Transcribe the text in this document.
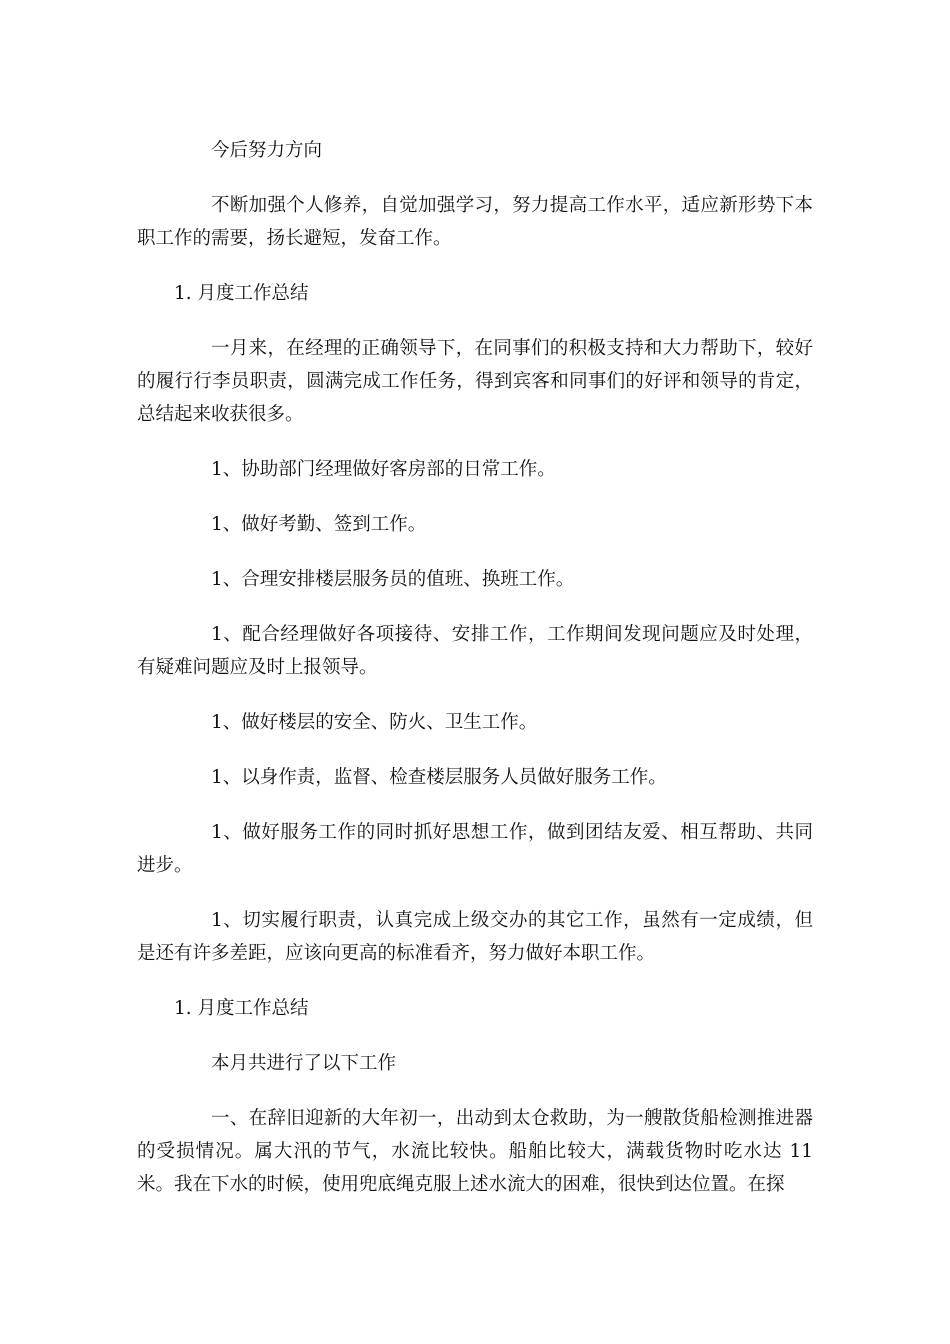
今后努力方向

不断加强个人修养，自觉加强学习，努力提高工作水平，适应新形势下本职工作的需要，扬长避短，发奋工作。

1. 月度工作总结

一月来，在经理的正确领导下，在同事们的积极支持和大力帮助下，较好的履行行李员职责，圆满完成工作任务，得到宾客和同事们的好评和领导的肯定，总结起来收获很多。

1、协助部门经理做好客房部的日常工作。

1、做好考勤、签到工作。

1、合理安排楼层服务员的值班、换班工作。

1、配合经理做好各项接待、安排工作，工作期间发现问题应及时处理，有疑难问题应及时上报领导。

1、做好楼层的安全、防火、卫生工作。

1、以身作责，监督、检查楼层服务人员做好服务工作。

1、做好服务工作的同时抓好思想工作，做到团结友爱、相互帮助、共同进步。

1、切实履行职责，认真完成上级交办的其它工作，虽然有一定成绩，但是还有许多差距，应该向更高的标准看齐，努力做好本职工作。

1. 月度工作总结

本月共进行了以下工作

一、在辞旧迎新的大年初一，出动到太仓救助，为一艘散货船检测推进器的受损情况。属大汛的节气，水流比较快。船舶比较大，满载货物时吃水达 11 米。我在下水的时候，使用兜底绳克服上述水流大的困难，很快到达位置。在探
